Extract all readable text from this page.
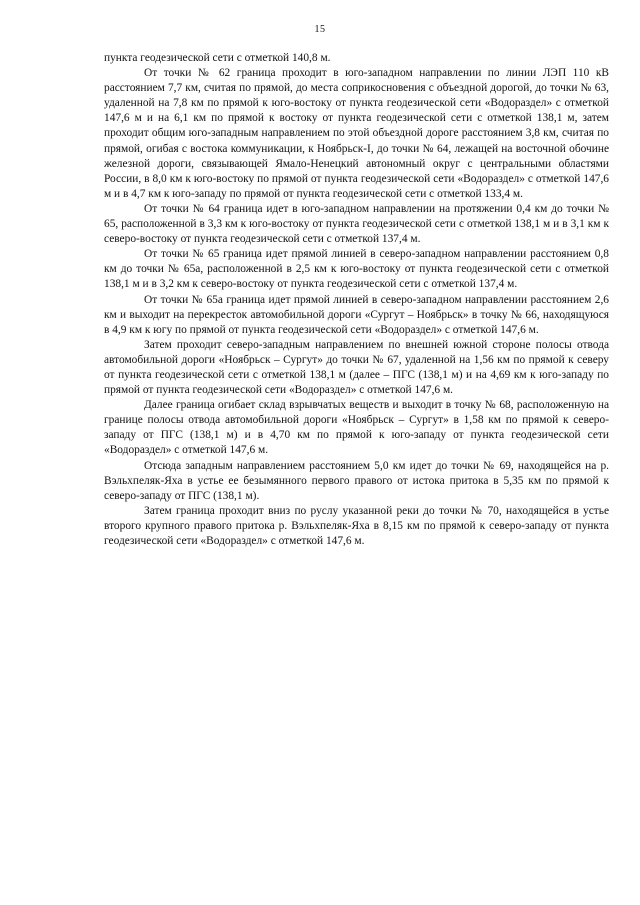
15

пункта геодезической сети с отметкой 140,8 м.

От точки № 62 граница проходит в юго-западном направлении по линии ЛЭП 110 кВ расстоянием 7,7 км, считая по прямой, до места соприкосновения с объездной дорогой, до точки № 63, удаленной на 7,8 км по прямой к юго-востоку от пункта геодезической сети «Водораздел» с отметкой 147,6 м и на 6,1 км по прямой к востоку от пункта геодезической сети с отметкой 138,1 м, затем проходит общим юго-западным направлением по этой объездной дороге расстоянием 3,8 км, считая по прямой, огибая с востока коммуникации, к Ноябрьск-I, до точки № 64, лежащей на восточной обочине железной дороги, связывающей Ямало-Ненецкий автономный округ с центральными областями России, в 8,0 км к юго-востоку по прямой от пункта геодезической сети «Водораздел» с отметкой 147,6 м и в 4,7 км к юго-западу по прямой от пункта геодезической сети с отметкой 133,4 м.

От точки № 64 граница идет в юго-западном направлении на протяжении 0,4 км до точки № 65, расположенной в 3,3 км к юго-востоку от пункта геодезической сети с отметкой 138,1 м и в 3,1 км к северо-востоку от пункта геодезической сети с отметкой 137,4 м.

От точки № 65 граница идет прямой линией в северо-западном направлении расстоянием 0,8 км до точки № 65а, расположенной в 2,5 км к юго-востоку от пункта геодезической сети с отметкой 138,1 м и в 3,2 км к северо-востоку от пункта геодезической сети с отметкой 137,4 м.

От точки № 65а граница идет прямой линией в северо-западном направлении расстоянием 2,6 км и выходит на перекресток автомобильной дороги «Сургут – Ноябрьск» в точку № 66, находящуюся в 4,9 км к югу по прямой от пункта геодезической сети «Водораздел» с отметкой 147,6 м.

Затем проходит северо-западным направлением по внешней южной стороне полосы отвода автомобильной дороги «Ноябрьск – Сургут» до точки № 67, удаленной на 1,56 км по прямой к северу от пункта геодезической сети с отметкой 138,1 м (далее – ПГС (138,1 м) и на 4,69 км к юго-западу по прямой от пункта геодезической сети «Водораздел» с отметкой 147,6 м.

Далее граница огибает склад взрывчатых веществ и выходит в точку № 68, расположенную на границе полосы отвода автомобильной дороги «Ноябрьск – Сургут» в 1,58 км по прямой к северо-западу от ПГС (138,1 м) и в 4,70 км по прямой к юго-западу от пункта геодезической сети «Водораздел» с отметкой 147,6 м.

Отсюда западным направлением расстоянием 5,0 км идет до точки № 69, находящейся на р. Вэльхпеляк-Яха в устье ее безымянного первого правого от истока притока в 5,35 км по прямой к северо-западу от ПГС (138,1 м).

Затем граница проходит вниз по руслу указанной реки до точки № 70, находящейся в устье второго крупного правого притока р. Вэльхпеляк-Яха в 8,15 км по прямой к северо-западу от пункта геодезической сети «Водораздел» с отметкой 147,6 м.
